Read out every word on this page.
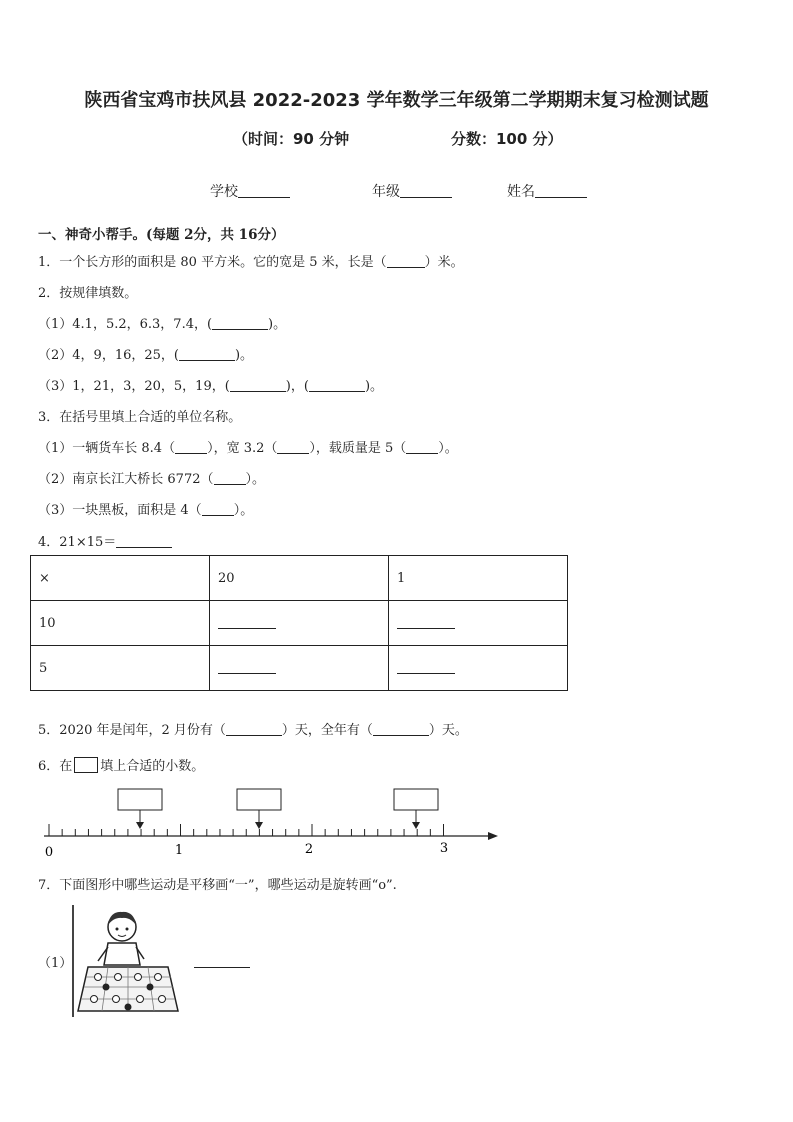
陕西省宝鸡市扶风县 2022-2023 学年数学三年级第二学期期末复习检测试题
（时间：90 分钟	分数：100 分）
学校	年级	姓名
一、神奇小帮手。(每题 2分，共 16分）
1．一个长方形的面积是 80 平方米。它的宽是 5 米，长是（	）米。
2．按规律填数。
（1）4.1，5.2，6.3，7.4，(	)。
（2）4，9，16，25，(	)。
（3）1，21，3，20，5，19，(	)，(	)。
3．在括号里填上合适的单位名称。
（1）一辆货车长 8.4（ ），宽 3.2（ ），载质量是 5（ ）。
（2）南京长江大桥长 6772（ ）。
（3）一块黑板，面积是 4（ ）。
4．21×15＝
×	20	1
10		
5		
5．2020 年是闰年，2 月份有（	）天，全年有（	）天。
6．在 填上合适的小数。
0	1	2	3
7．下面图形中哪些运动是平移画“一”，哪些运动是旋转画“o”.
（1）
